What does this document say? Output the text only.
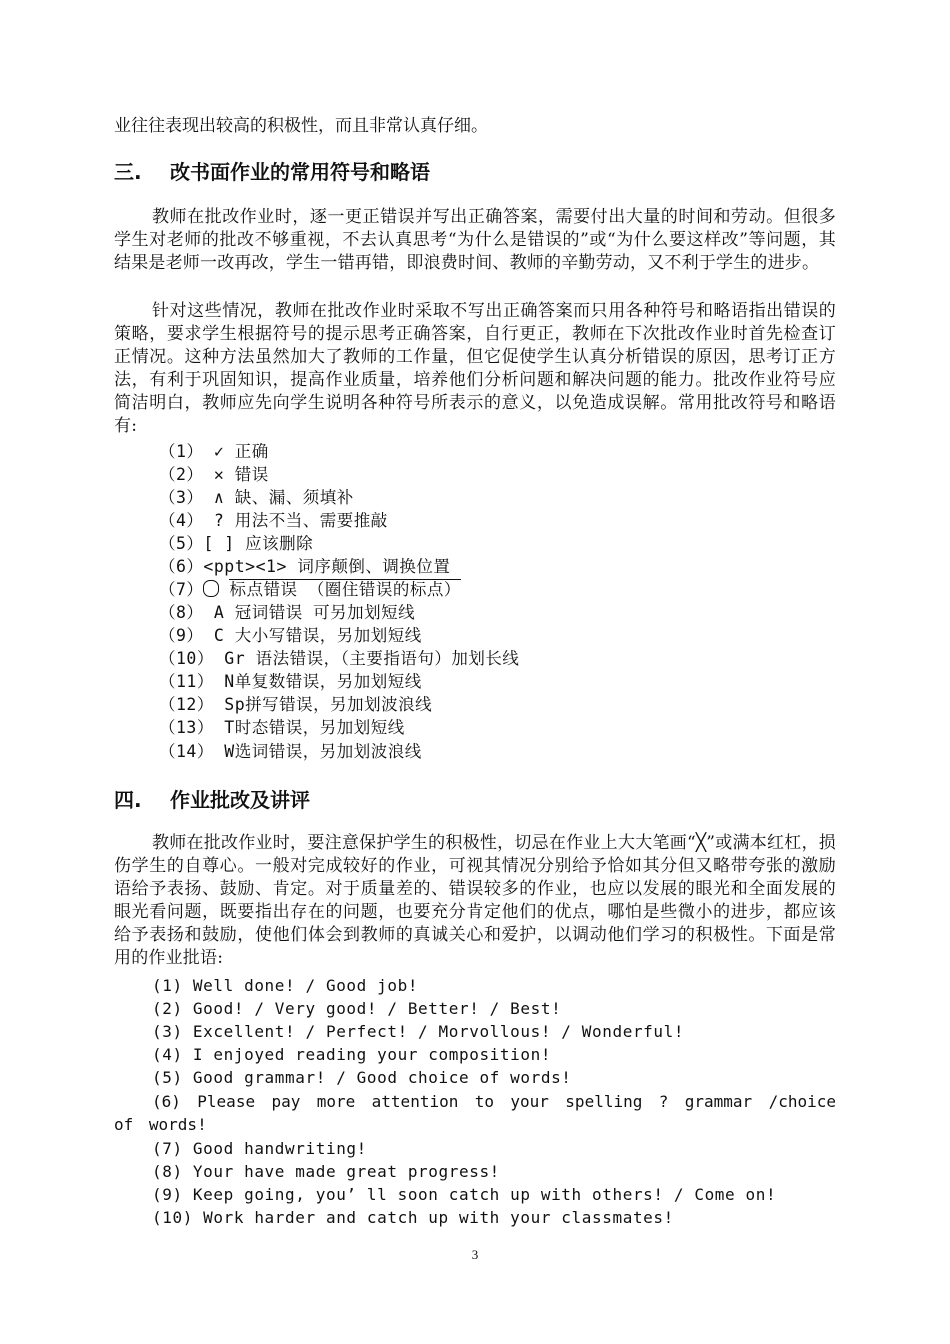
业往往表现出较高的积极性，而且非常认真仔细。
三. 改书面作业的常用符号和略语
教师在批改作业时，逐一更正错误并写出正确答案，需要付出大量的时间和劳动。但很多学生对老师的批改不够重视，不去认真思考“为什么是错误的”或“为什么要这样改”等问题，其结果是老师一改再改，学生一错再错，即浪费时间、教师的辛勤劳动，又不利于学生的进步。
针对这些情况，教师在批改作业时采取不写出正确答案而只用各种符号和略语指出错误的策略，要求学生根据符号的提示思考正确答案，自行更正，教师在下次批改作业时首先检查订正情况。这种方法虽然加大了教师的工作量，但它促使学生认真分析错误的原因，思考订正方法，有利于巩固知识，提高作业质量，培养他们分析问题和解决问题的能力。批改作业符号应简洁明白，教师应先向学生说明各种符号所表示的意义，以免造成误解。常用批改符号和略语有:
（1） ✓ 正确
（2） ✕ 错误
（3） ∧ 缺、漏、须填补
（4） ? 用法不当、需要推敲
（5）[ ] 应该删除
（6）<ppt><1> 词序颠倒、调换位置
（7）○ 标点错误 （圈住错误的标点）
（8） A 冠词错误 可另加划短线
（9） C 大小写错误，另加划短线
（10） Gr 语法错误，（主要指语句）加划长线
（11） N单复数错误，另加划短线
（12） Sp拼写错误，另加划波浪线
（13） T时态错误，另加划短线
（14） W选词错误，另加划波浪线
四. 作业批改及讲评
教师在批改作业时，要注意保护学生的积极性，切忌在作业上大大笔画“╳”或满本红杠，损伤学生的自尊心。一般对完成较好的作业，可视其情况分别给予恰如其分但又略带夸张的激励语给予表扬、鼓励、肯定。对于质量差的、错误较多的作业，也应以发展的眼光和全面发展的眼光看问题，既要指出存在的问题，也要充分肯定他们的优点，哪怕是些微小的进步，都应该给予表扬和鼓励，使他们体会到教师的真诚关心和爱护，以调动他们学习的积极性。下面是常用的作业批语:
(1) Well done! / Good job!
(2) Good! / Very good! / Better! / Best!
(3) Excellent! / Perfect! / Morvollous! / Wonderful!
(4) I enjoyed reading your composition!
(5) Good grammar! / Good choice of words!
(6) Please pay more attention to your spelling ? grammar /choice of words!
(7) Good handwriting!
(8) Your have made great progress!
(9) Keep going, you’ ll soon catch up with others! / Come on!
(10) Work harder and catch up with your classmates!
3
